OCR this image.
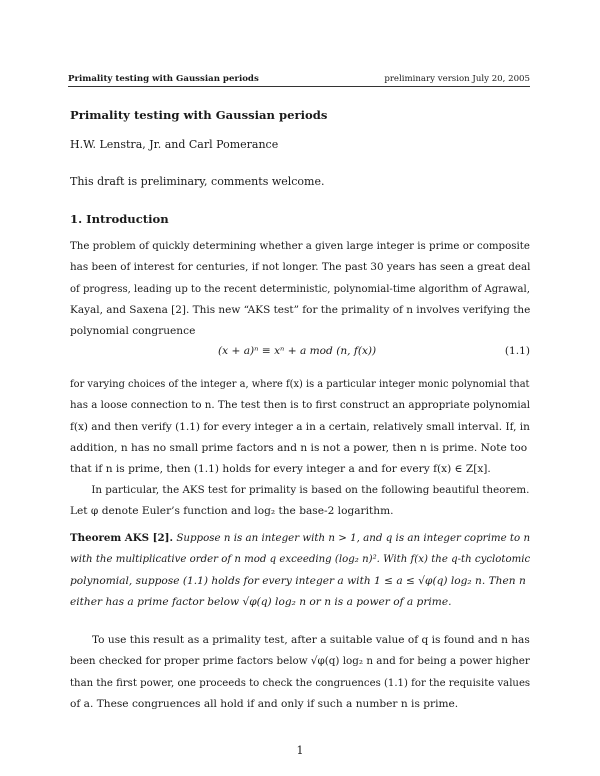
Primality testing with Gaussian periods	preliminary version July 20, 2005
Primality testing with Gaussian periods
H.W. Lenstra, Jr. and Carl Pomerance
This draft is preliminary, comments welcome.
1. Introduction

The problem of quickly determining whether a given large integer is prime or composite
has been of interest for centuries, if not longer. The past 30 years has seen a great deal
of progress, leading up to the recent deterministic, polynomial-time algorithm of Agrawal,
Kayal, and Saxena [2]. This new “AKS test” for the primality of n involves verifying the
polynomial congruence

(x + a)ⁿ ≡ xⁿ + a mod (n, f(x))	(1.1)

for varying choices of the integer a, where f(x) is a particular integer monic polynomial that
has a loose connection to n. The test then is to first construct an appropriate polynomial
f(x) and then verify (1.1) for every integer a in a certain, relatively small interval. If, in
addition, n has no small prime factors and n is not a power, then n is prime. Note too
that if n is prime, then (1.1) holds for every integer a and for every f(x) ∈ Z[x].

In particular, the AKS test for primality is based on the following beautiful theorem.
Let φ denote Euler’s function and log₂ the base-2 logarithm.

Theorem AKS [2]. Suppose n is an integer with n > 1, and q is an integer coprime to n
with the multiplicative order of n mod q exceeding (log₂ n)². With f(x) the q-th cyclotomic
polynomial, suppose (1.1) holds for every integer a with 1 ≤ a ≤ √φ(q) log₂ n. Then n
either has a prime factor below √φ(q) log₂ n or n is a power of a prime.

To use this result as a primality test, after a suitable value of q is found and n has
been checked for proper prime factors below √φ(q) log₂ n and for being a power higher
than the first power, one proceeds to check the congruences (1.1) for the requisite values
of a. These congruences all hold if and only if such a number n is prime.

1
